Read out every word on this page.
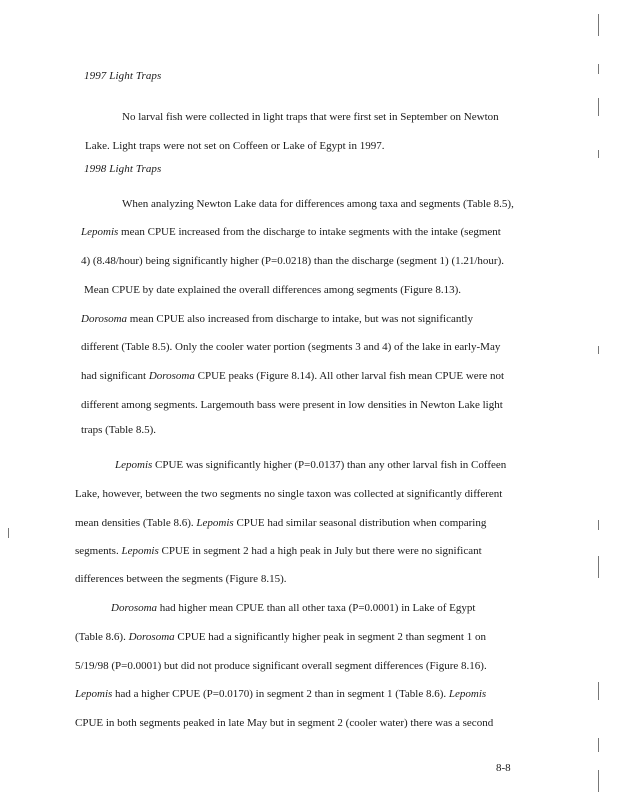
1997 Light Traps
No larval fish were collected in light traps that were first set in September on Newton
Lake. Light traps were not set on Coffeen or Lake of Egypt in 1997.
1998 Light Traps
When analyzing Newton Lake data for differences among taxa and segments (Table 8.5),
Lepomis mean CPUE increased from the discharge to intake segments with the intake (segment
4) (8.48/hour) being significantly higher (P=0.0218) than the discharge (segment 1) (1.21/hour).
Mean CPUE by date explained the overall differences among segments (Figure 8.13).
Dorosoma mean CPUE also increased from discharge to intake, but was not significantly
different (Table 8.5). Only the cooler water portion (segments 3 and 4) of the lake in early-May
had significant Dorosoma CPUE peaks (Figure 8.14). All other larval fish mean CPUE were not
different among segments. Largemouth bass were present in low densities in Newton Lake light
traps (Table 8.5).
Lepomis CPUE was significantly higher (P=0.0137) than any other larval fish in Coffeen
Lake, however, between the two segments no single taxon was collected at significantly different
mean densities (Table 8.6). Lepomis CPUE had similar seasonal distribution when comparing
segments. Lepomis CPUE in segment 2 had a high peak in July but there were no significant
differences between the segments (Figure 8.15).
Dorosoma had higher mean CPUE than all other taxa (P=0.0001) in Lake of Egypt
(Table 8.6). Dorosoma CPUE had a significantly higher peak in segment 2 than segment 1 on
5/19/98 (P=0.0001) but did not produce significant overall segment differences (Figure 8.16).
Lepomis had a higher CPUE (P=0.0170) in segment 2 than in segment 1 (Table 8.6). Lepomis
CPUE in both segments peaked in late May but in segment 2 (cooler water) there was a second
8-8
